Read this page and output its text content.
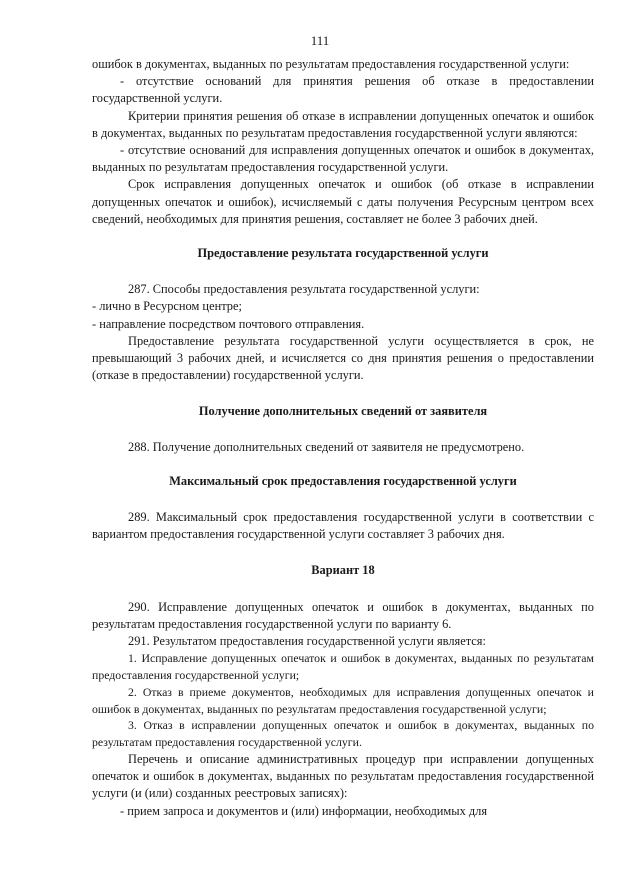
111

ошибок в документах, выданных по результатам предоставления государственной услуги:

- отсутствие оснований для принятия решения об отказе в предоставлении государственной услуги.

Критерии принятия решения об отказе в исправлении допущенных опечаток и ошибок в документах, выданных по результатам предоставления государственной услуги являются:

- отсутствие оснований для исправления допущенных опечаток и ошибок в документах, выданных по результатам предоставления государственной услуги.

Срок исправления допущенных опечаток и ошибок (об отказе в исправлении допущенных опечаток и ошибок), исчисляемый с даты получения Ресурсным центром всех сведений, необходимых для принятия решения, составляет не более 3 рабочих дней.

Предоставление результата государственной услуги

287. Способы предоставления результата государственной услуги:

- лично в Ресурсном центре;

- направление посредством почтового отправления.

Предоставление результата государственной услуги осуществляется в срок, не превышающий 3 рабочих дней, и исчисляется со дня принятия решения о предоставлении (отказе в предоставлении) государственной услуги.

Получение дополнительных сведений от заявителя

288. Получение дополнительных сведений от заявителя не предусмотрено.

Максимальный срок предоставления государственной услуги

289. Максимальный срок предоставления государственной услуги в соответствии с вариантом предоставления государственной услуги составляет 3 рабочих дня.

Вариант 18

290. Исправление допущенных опечаток и ошибок в документах, выданных по результатам предоставления государственной услуги по варианту 6.

291. Результатом предоставления государственной услуги является:

1. Исправление допущенных опечаток и ошибок в документах, выданных по результатам предоставления государственной услуги;

2. Отказ в приеме документов, необходимых для исправления допущенных опечаток и ошибок в документах, выданных по результатам предоставления государственной услуги;

3. Отказ в исправлении допущенных опечаток и ошибок в документах, выданных по результатам предоставления государственной услуги.

Перечень и описание административных процедур при исправлении допущенных опечаток и ошибок в документах, выданных по результатам предоставления государственной услуги (и (или) созданных реестровых записях):

- прием запроса и документов и (или) информации, необходимых для
